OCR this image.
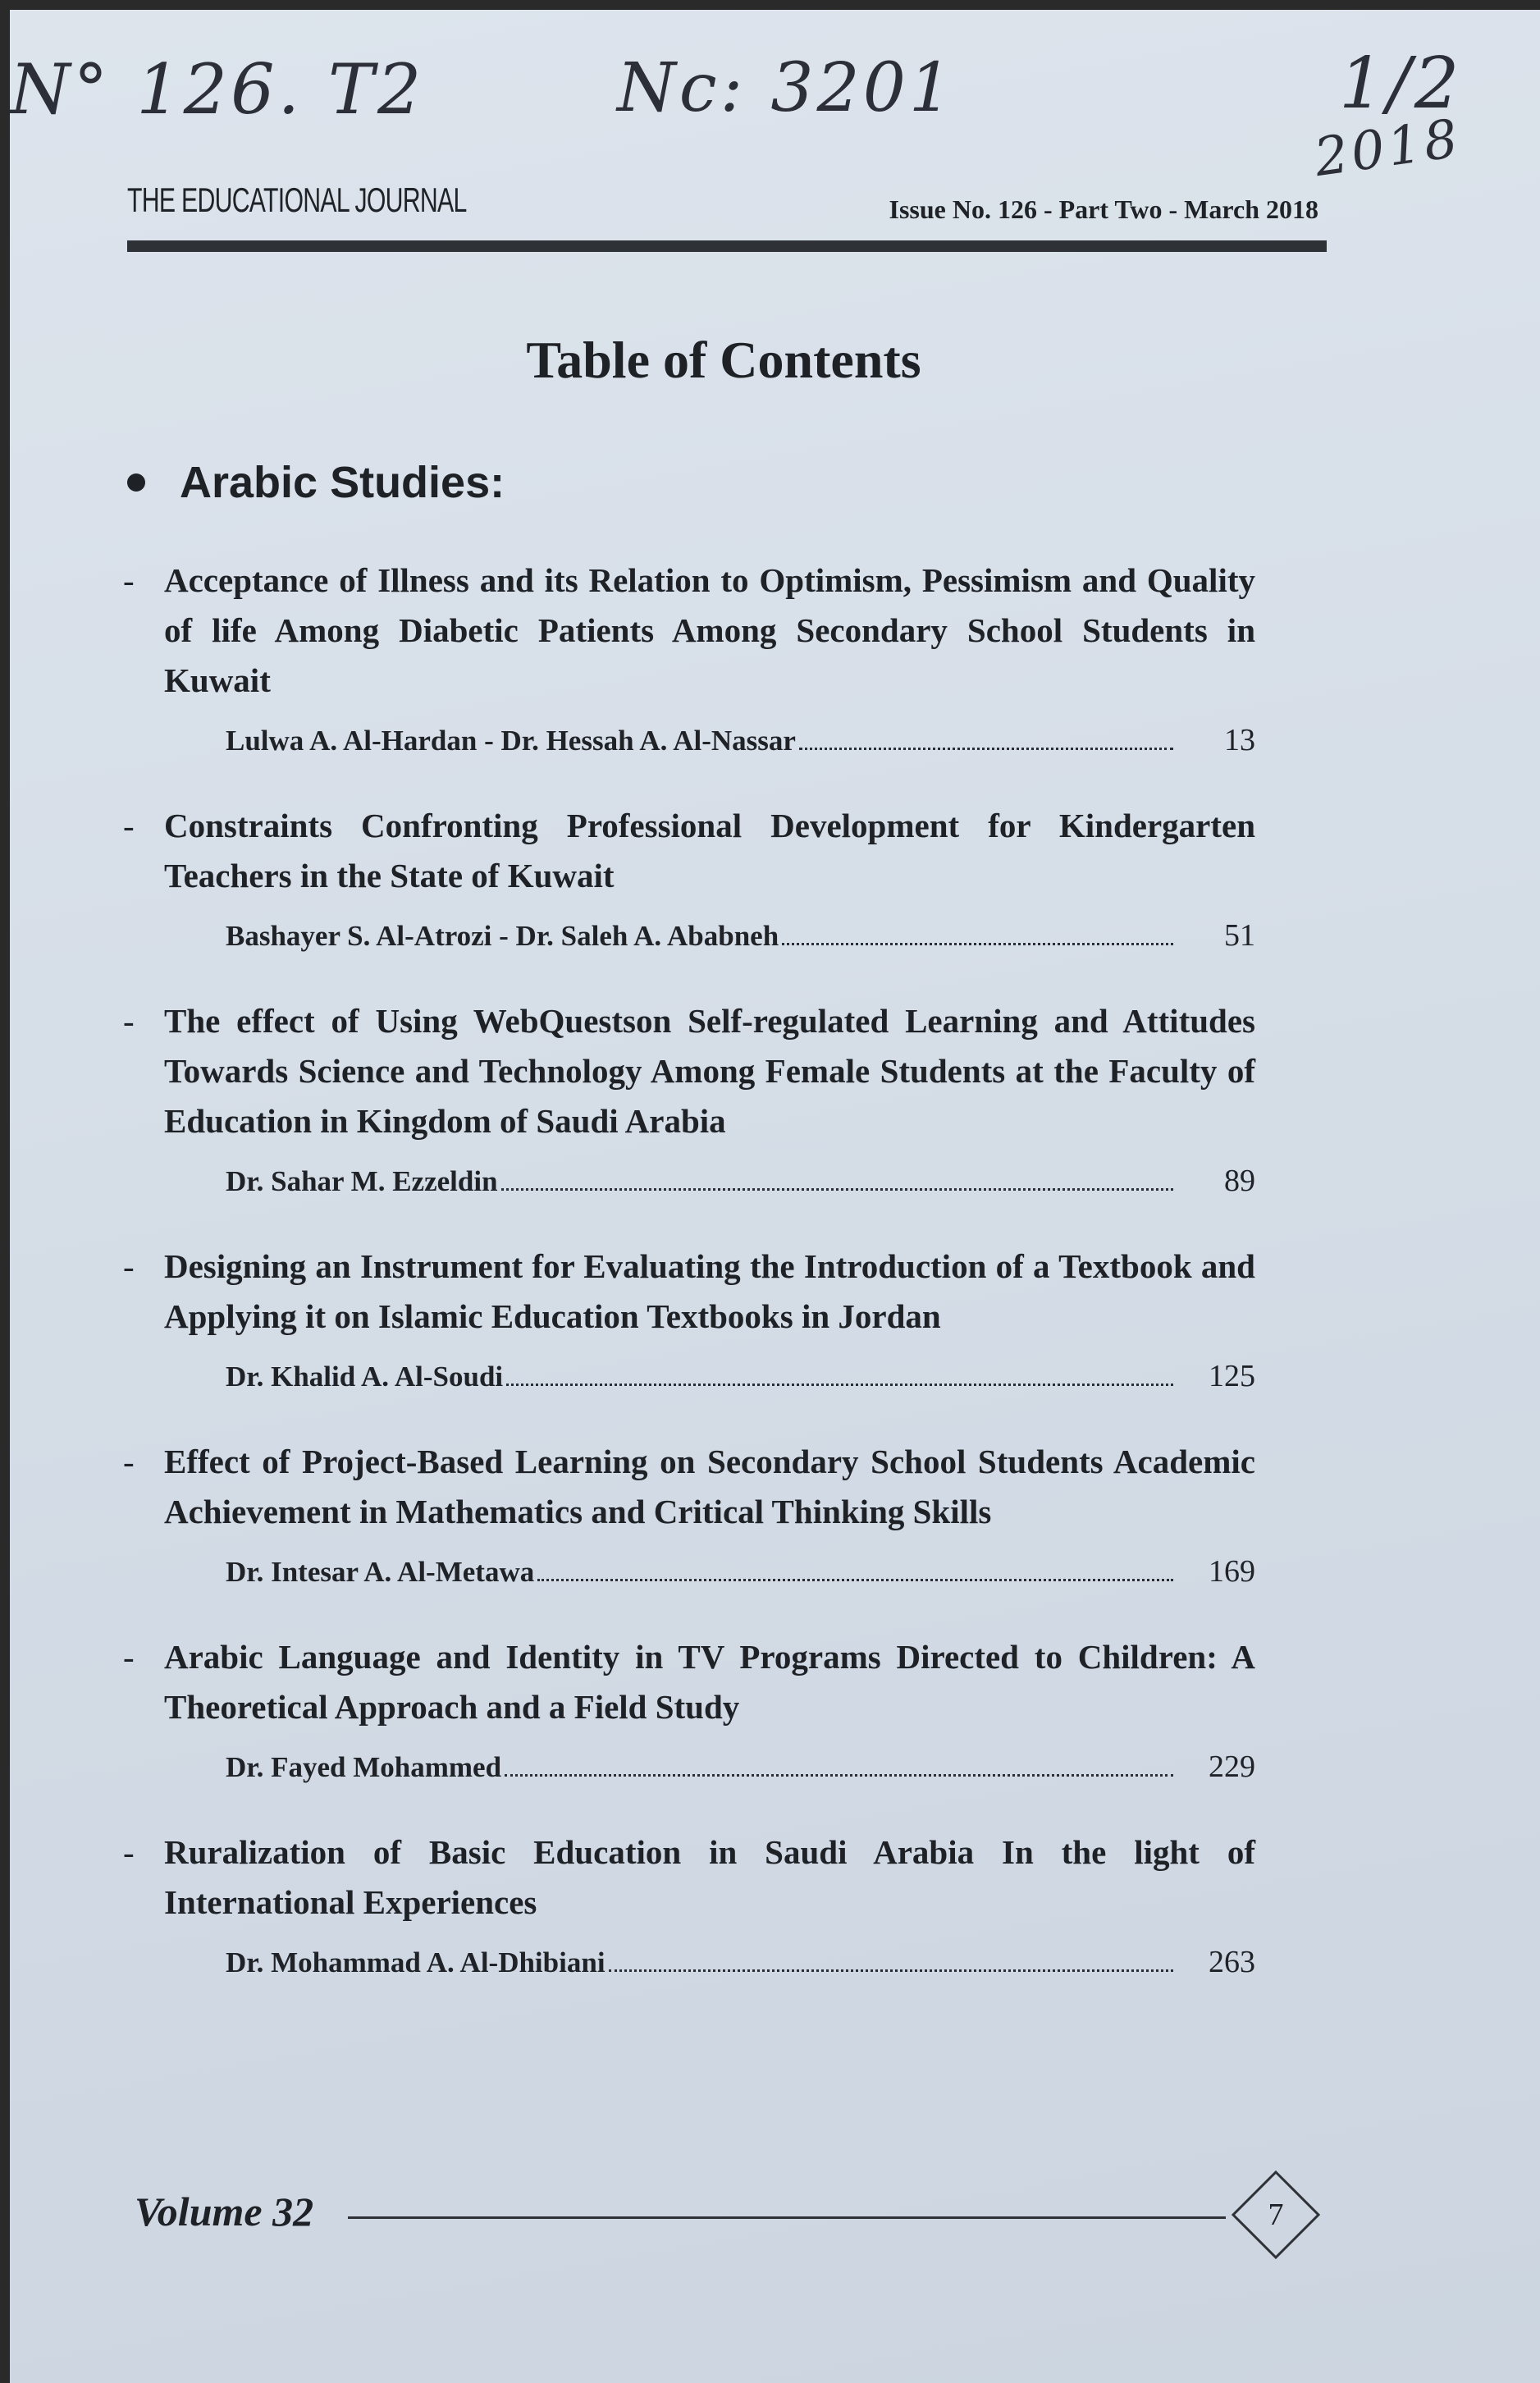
N° 126. T2	Nc: 3201	1/2
2018
THE EDUCATIONAL JOURNAL	Issue No. 126 - Part Two - March 2018
Table of Contents
Arabic Studies:
- Acceptance of Illness and its Relation to Optimism, Pessimism and Quality of life Among Diabetic Patients Among Secondary School Students in Kuwait
Lulwa A. Al-Hardan - Dr. Hessah A. Al-Nassar	13
- Constraints Confronting Professional Development for Kindergarten Teachers in the State of Kuwait
Bashayer S. Al-Atrozi - Dr. Saleh A. Ababneh	51
- The effect of Using WebQuestson Self-regulated Learning and Attitudes Towards Science and Technology Among Female Students at the Faculty of Education in Kingdom of Saudi Arabia
Dr. Sahar M. Ezzeldin	89
- Designing an Instrument for Evaluating the Introduction of a Textbook and Applying it on Islamic Education Textbooks in Jordan
Dr. Khalid A. Al-Soudi	125
- Effect of Project-Based Learning on Secondary School Students Academic Achievement in Mathematics and Critical Thinking Skills
Dr. Intesar A. Al-Metawa	169
- Arabic Language and Identity in TV Programs Directed to Children: A Theoretical Approach and a Field Study
Dr. Fayed Mohammed	229
- Ruralization of Basic Education in Saudi Arabia In the light of International Experiences
Dr. Mohammad A. Al-Dhibiani	263
Volume 32	7
